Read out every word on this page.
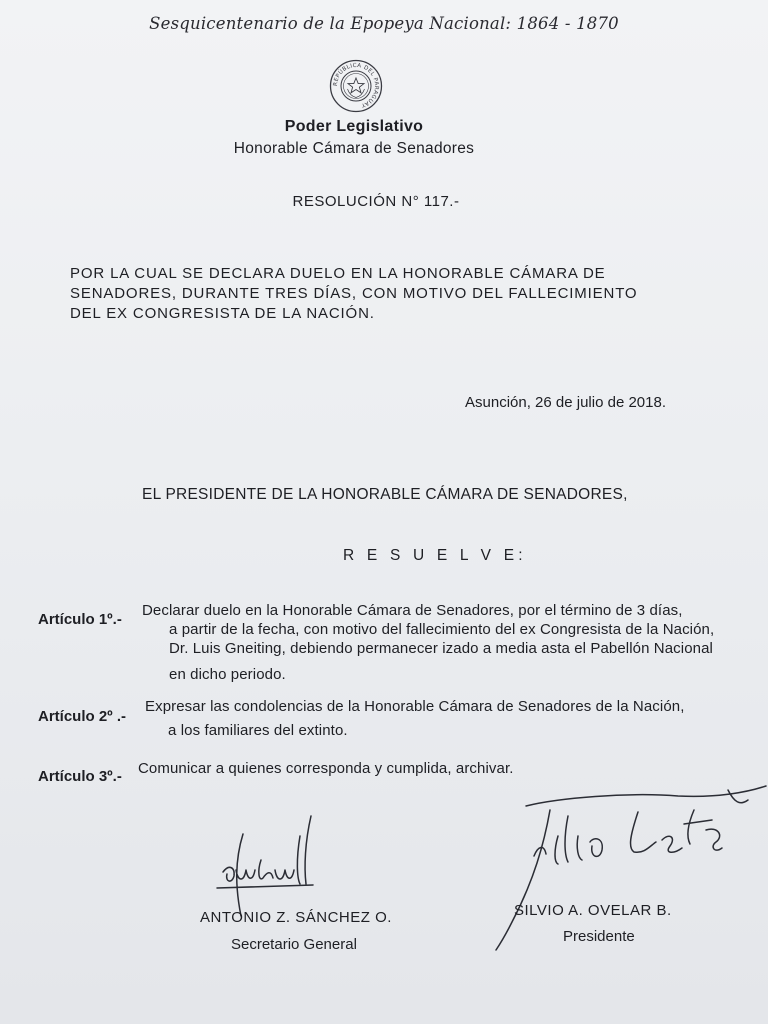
Sesquicentenario de la Epopeya Nacional: 1864 - 1870

REPÚBLICA DEL PARAGUAY

Poder Legislativo

Honorable Cámara de Senadores

RESOLUCIÓN N° 117.-

POR LA CUAL SE DECLARA DUELO EN LA HONORABLE CÁMARA DE

SENADORES, DURANTE TRES DÍAS, CON MOTIVO DEL FALLECIMIENTO

DEL EX CONGRESISTA DE LA NACIÓN.

Asunción, 26 de julio de 2018.

EL PRESIDENTE DE LA HONORABLE CÁMARA DE SENADORES,

R E S U E L V E:

Artículo 1º.-

Declarar duelo en la Honorable Cámara de Senadores, por el término de 3 días,

a partir de la fecha, con motivo del fallecimiento del ex Congresista de la Nación,

Dr. Luis Gneiting, debiendo permanecer izado a media asta el Pabellón Nacional

en dicho periodo.

Artículo 2º .-

Expresar las condolencias de la Honorable Cámara de Senadores de la Nación,

a los familiares del extinto.

Artículo 3º.- Comunicar a quienes corresponda y cumplida, archivar.

ANTONIO Z. SÁNCHEZ O.

Secretario General

SILVIO A. OVELAR B.

Presidente
